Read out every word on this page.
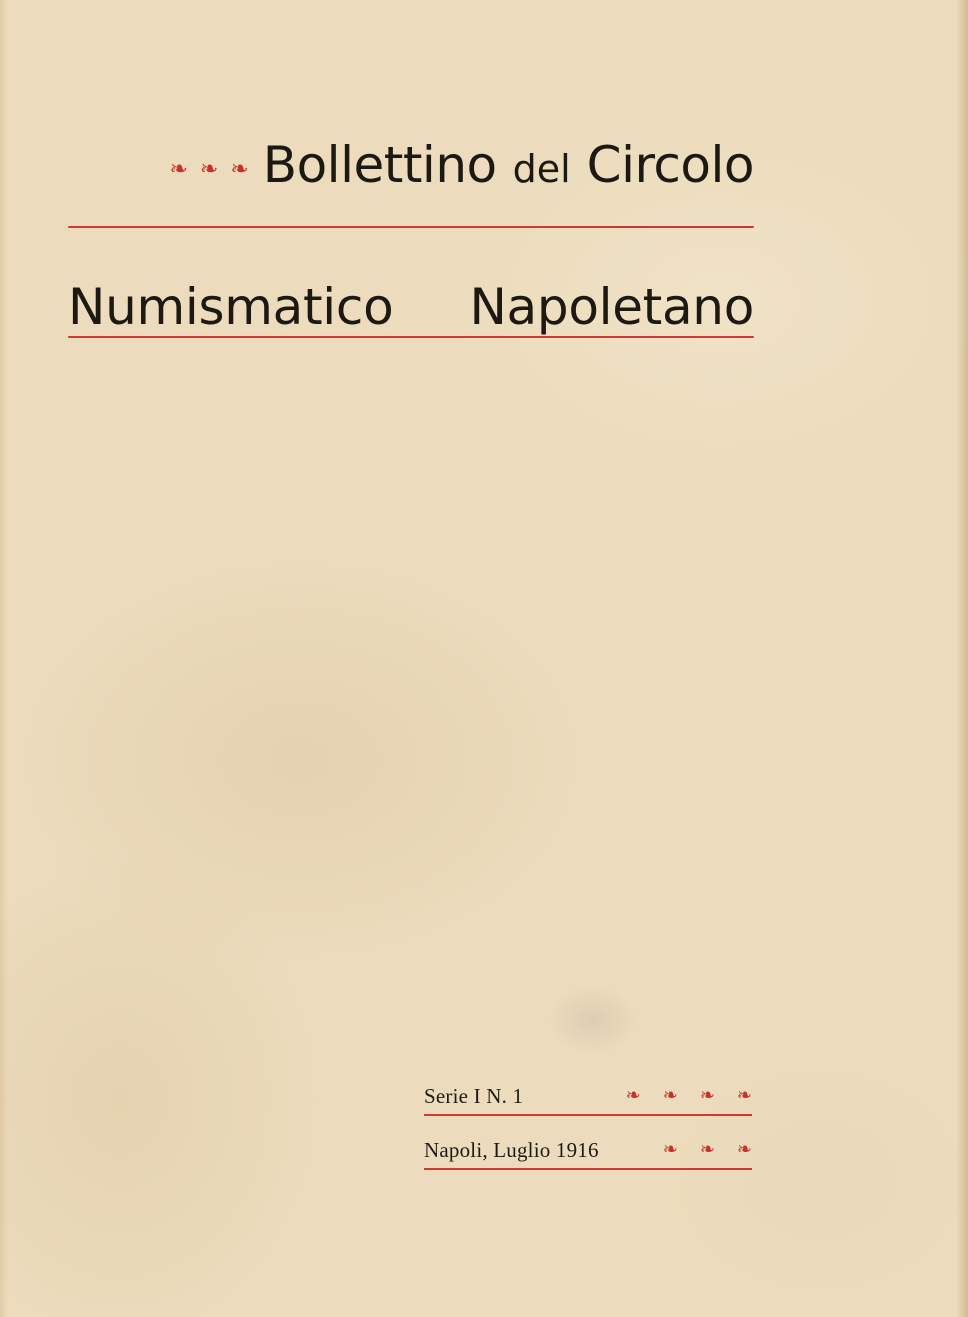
❧ ❧ ❧ Bollettino del Circolo
Numismatico Napoletano
Serie I N. 1	❧ ❧ ❧ ❧
Napoli, Luglio 1916	❧ ❧ ❧
